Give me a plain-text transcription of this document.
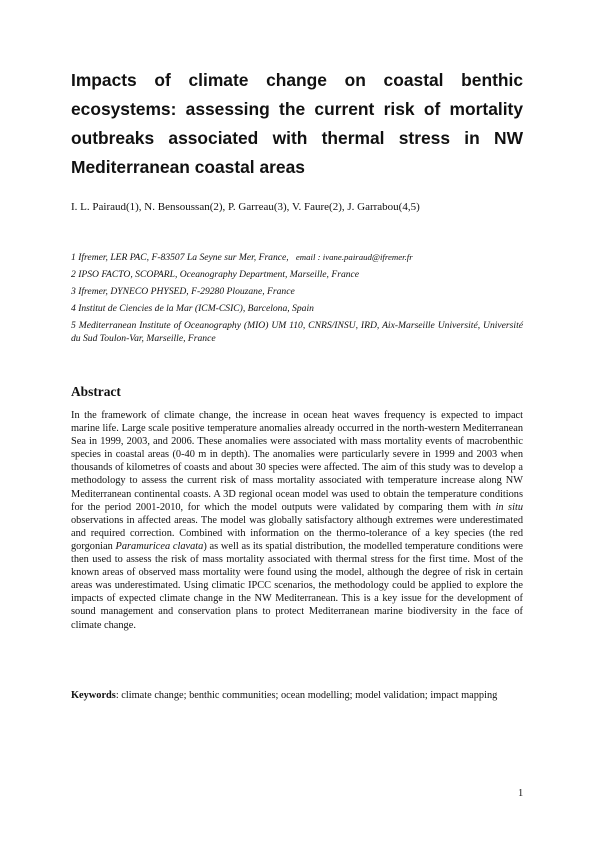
Impacts of climate change on coastal benthic ecosystems: assessing the current risk of mortality outbreaks associated with thermal stress in NW Mediterranean coastal areas

I. L. Pairaud(1), N. Bensoussan(2), P. Garreau(3), V. Faure(2), J. Garrabou(4,5)

1 Ifremer, LER PAC, F-83507 La Seyne sur Mer, France, email : ivane.pairaud@ifremer.fr

2 IPSO FACTO, SCOPARL, Oceanography Department, Marseille, France

3 Ifremer, DYNECO PHYSED, F-29280 Plouzane, France

4 Institut de Ciencies de la Mar (ICM-CSIC), Barcelona, Spain

5 Mediterranean Institute of Oceanography (MIO) UM 110, CNRS/INSU, IRD, Aix-Marseille Université, Université du Sud Toulon-Var, Marseille, France

Abstract

In the framework of climate change, the increase in ocean heat waves frequency is expected to impact marine life. Large scale positive temperature anomalies already occurred in the north-western Mediterranean Sea in 1999, 2003, and 2006. These anomalies were associated with mass mortality events of macrobenthic species in coastal areas (0-40 m in depth). The anomalies were particularly severe in 1999 and 2003 when thousands of kilometres of coasts and about 30 species were affected. The aim of this study was to develop a methodology to assess the current risk of mass mortality associated with temperature increase along NW Mediterranean continental coasts. A 3D regional ocean model was used to obtain the temperature conditions for the period 2001-2010, for which the model outputs were validated by comparing them with in situ observations in affected areas. The model was globally satisfactory although extremes were underestimated and required correction. Combined with information on the thermo-tolerance of a key species (the red gorgonian Paramuricea clavata) as well as its spatial distribution, the modelled temperature conditions were then used to assess the risk of mass mortality associated with thermal stress for the first time. Most of the known areas of observed mass mortality were found using the model, although the degree of risk in certain areas was underestimated. Using climatic IPCC scenarios, the methodology could be applied to explore the impacts of expected climate change in the NW Mediterranean. This is a key issue for the development of sound management and conservation plans to protect Mediterranean marine biodiversity in the face of climate change.

Keywords: climate change; benthic communities; ocean modelling; model validation; impact mapping

1
